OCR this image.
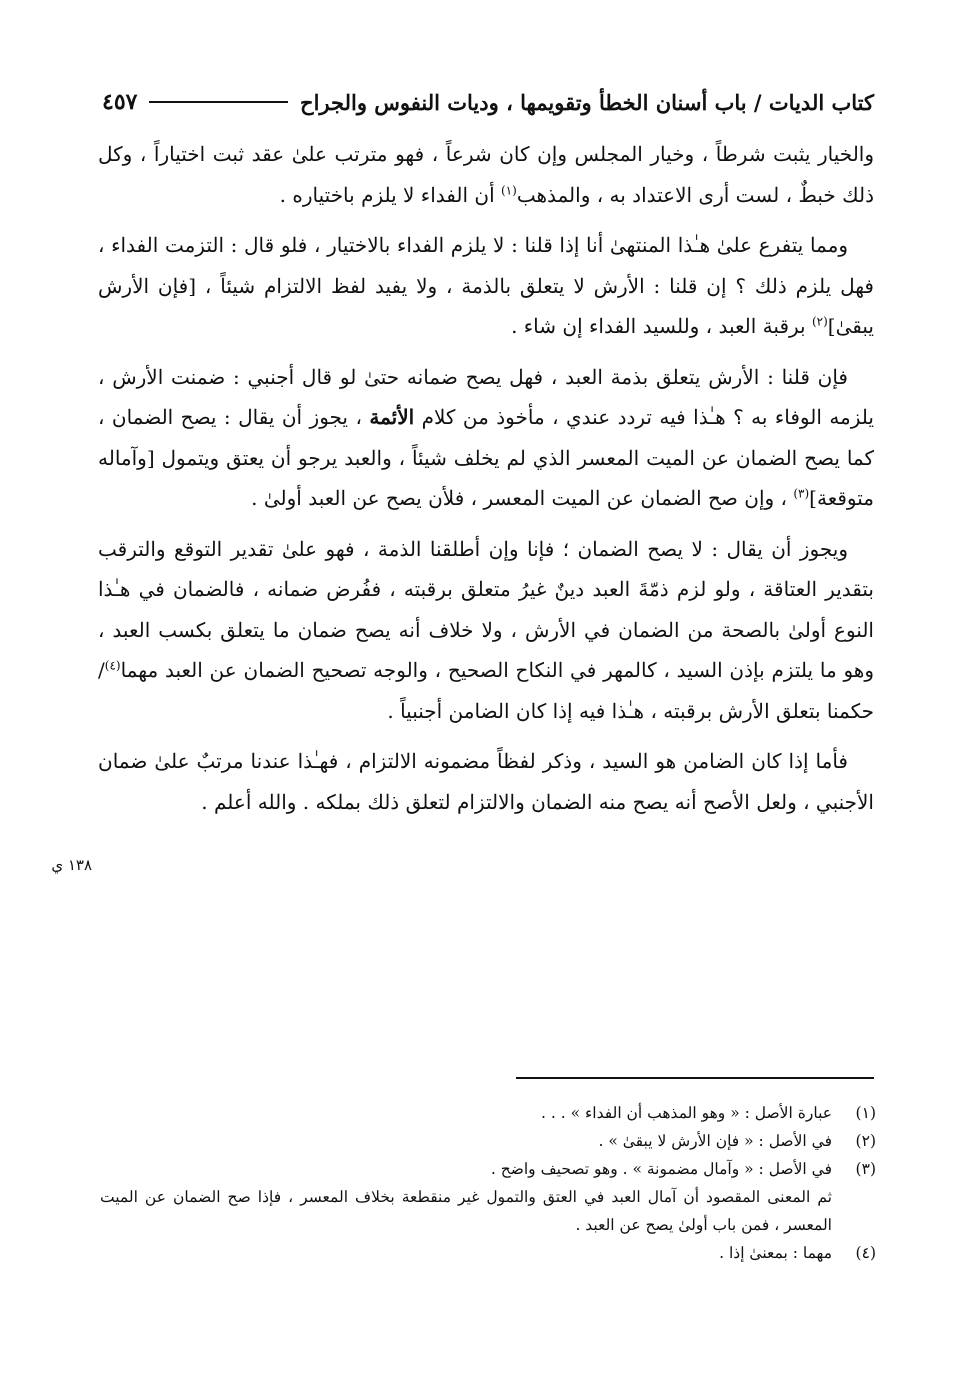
كتاب الديات / باب أسنان الخطأ وتقويمها ، وديات النفوس والجراح
٤٥٧

والخيار يثبت شرطاً ، وخيار المجلس وإن كان شرعاً ، فهو مترتب علىٰ عقد ثبت اختياراً ، وكل ذلك خبطٌ ، لست أرى الاعتداد به ، والمذهب$^{(١)}$ أن الفداء لا يلزم باختياره .

ومما يتفرع علىٰ هـٰذا المنتهىٰ أنا إذا قلنا : لا يلزم الفداء بالاختيار ، فلو قال : التزمت الفداء ، فهل يلزم ذلك ؟ إن قلنا : الأرش لا يتعلق بالذمة ، ولا يفيد لفظ الالتزام شيئاً ، [فإن الأرش يبقىٰ]$^{(٢)}$ برقبة العبد ، وللسيد الفداء إن شاء .

فإن قلنا : الأرش يتعلق بذمة العبد ، فهل يصح ضمانه حتىٰ لو قال أجنبي : ضمنت الأرش ، يلزمه الوفاء به ؟ هـٰذا فيه تردد عندي ، مأخوذ من كلام الأئمة ، يجوز أن يقال : يصح الضمان ، كما يصح الضمان عن الميت المعسر الذي لم يخلف شيئاً ، والعبد يرجو أن يعتق ويتمول [وآماله متوقعة]$^{(٣)}$ ، وإن صح الضمان عن الميت المعسر ، فلأن يصح عن العبد أولىٰ .

ويجوز أن يقال : لا يصح الضمان ؛ فإنا وإن أطلقنا الذمة ، فهو علىٰ تقدير التوقع والترقب بتقدير العتاقة ، ولو لزم ذمّةَ العبد دينٌ غيرُ متعلق برقبته ، ففُرض ضمانه ، فالضمان في هـٰذا النوع أولىٰ بالصحة من الضمان في الأرش ، ولا خلاف أنه يصح ضمان ما يتعلق بكسب العبد ، وهو ما يلتزم بإذن السيد ، كالمهر في النكاح الصحيح ، والوجه تصحيح الضمان عن العبد مهما$^{(٤)}$/ حكمنا بتعلق الأرش برقبته ، هـٰذا فيه إذا كان الضامن أجنبياً .

فأما إذا كان الضامن هو السيد ، وذكر لفظاً مضمونه الالتزام ، فهـٰذا عندنا مرتبٌ علىٰ ضمان الأجنبي ، ولعل الأصح أنه يصح منه الضمان والالتزام لتعلق ذلك بملكه . والله أعلم .

١٣٨ ي
(١)
عبارة الأصل : « وهو المذهب أن الفداء » . . .
(٢)
في الأصل : « فإن الأرش لا يبقىٰ » .
(٣)
في الأصل : « وآمال مضمونة » . وهو تصحيف واضح .
ثم المعنى المقصود أن آمال العبد في العتق والتمول غير منقطعة بخلاف المعسر ، فإذا صح الضمان عن الميت المعسر ، فمن باب أولىٰ يصح عن العبد .
(٤)
مهما : بمعنىٰ إذا .
